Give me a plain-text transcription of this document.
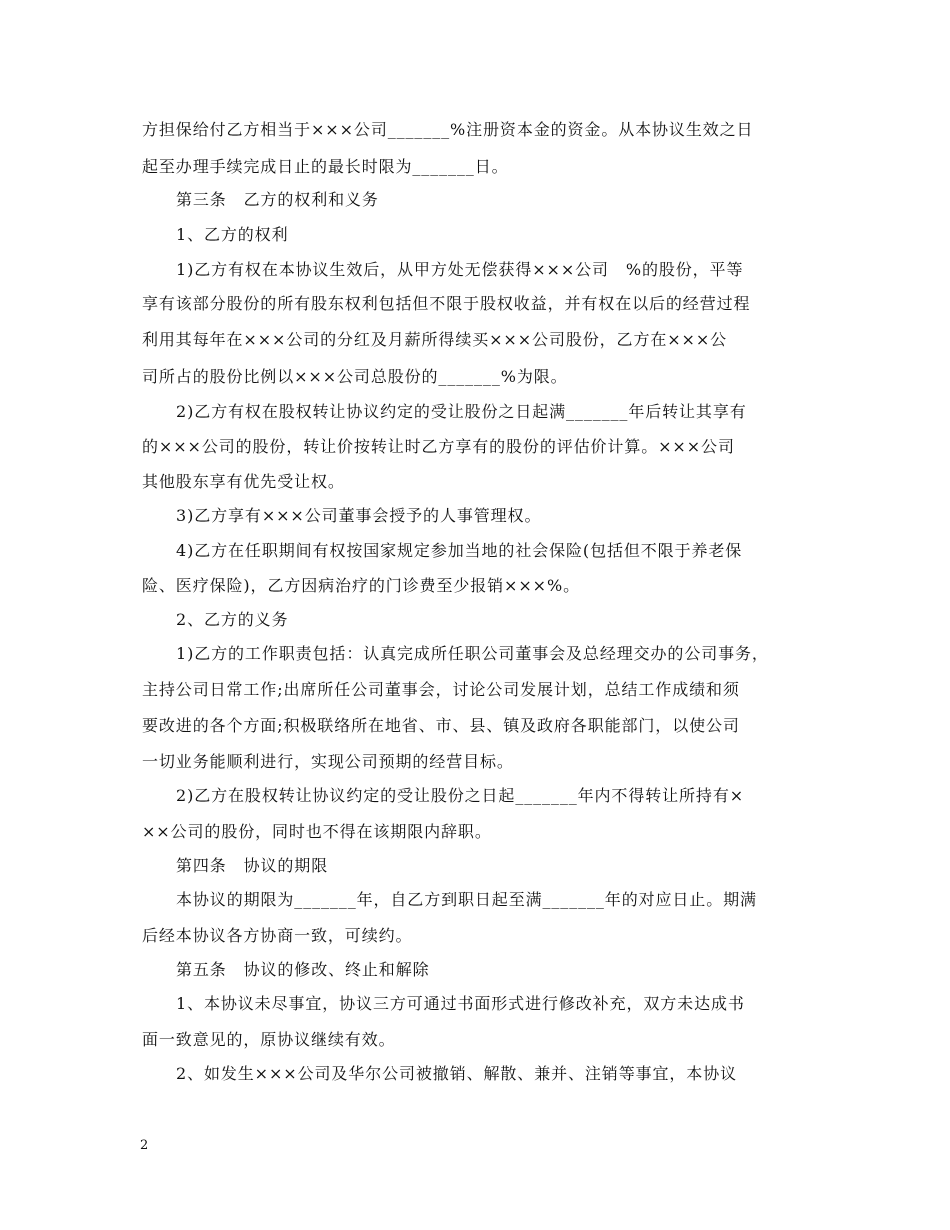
方担保给付乙方相当于×××公司_______%注册资本金的资金。从本协议生效之日
起至办理手续完成日止的最长时限为_______日。
第三条　乙方的权利和义务
1、乙方的权利
1)乙方有权在本协议生效后，从甲方处无偿获得×××公司　%的股份，平等
享有该部分股份的所有股东权利包括但不限于股权收益，并有权在以后的经营过程
利用其每年在×××公司的分红及月薪所得续买×××公司股份，乙方在×××公
司所占的股份比例以×××公司总股份的_______%为限。
2)乙方有权在股权转让协议约定的受让股份之日起满_______年后转让其享有
的×××公司的股份，转让价按转让时乙方享有的股份的评估价计算。×××公司
其他股东享有优先受让权。
3)乙方享有×××公司董事会授予的人事管理权。
4)乙方在任职期间有权按国家规定参加当地的社会保险(包括但不限于养老保
险、医疗保险)，乙方因病治疗的门诊费至少报销×××%。
2、乙方的义务
1)乙方的工作职责包括：认真完成所任职公司董事会及总经理交办的公司事务，
主持公司日常工作;出席所任公司董事会，讨论公司发展计划，总结工作成绩和须
要改进的各个方面;积极联络所在地省、市、县、镇及政府各职能部门，以使公司
一切业务能顺利进行，实现公司预期的经营目标。
2)乙方在股权转让协议约定的受让股份之日起_______年内不得转让所持有×
××公司的股份，同时也不得在该期限内辞职。
第四条　协议的期限
本协议的期限为_______年，自乙方到职日起至满_______年的对应日止。期满
后经本协议各方协商一致，可续约。
第五条　协议的修改、终止和解除
1、本协议未尽事宜，协议三方可通过书面形式进行修改补充，双方未达成书
面一致意见的，原协议继续有效。
2、如发生×××公司及华尔公司被撤销、解散、兼并、注销等事宜，本协议
2
